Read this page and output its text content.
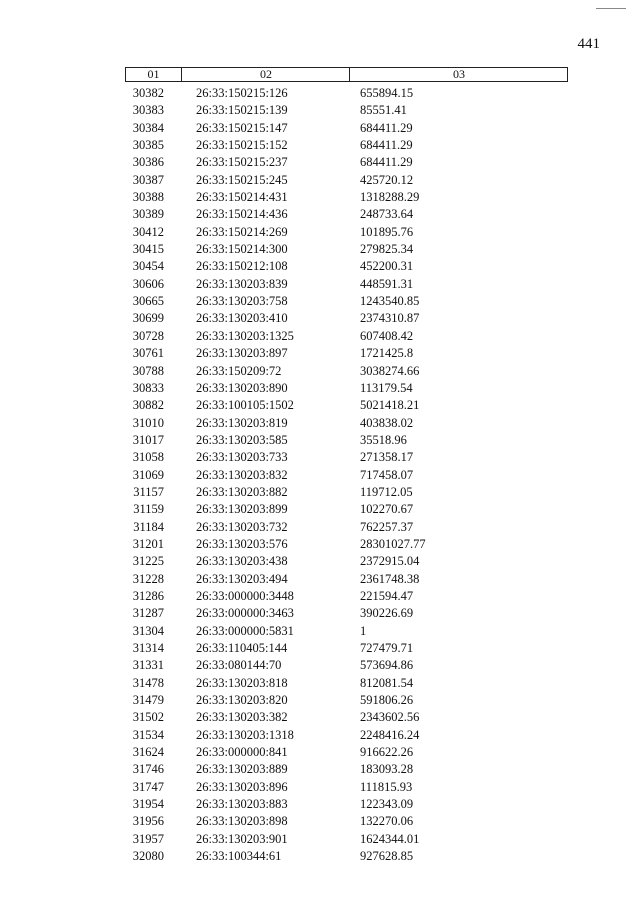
441
01	02	03
30382	26:33:150215:126	655894.15
30383	26:33:150215:139	85551.41
30384	26:33:150215:147	684411.29
30385	26:33:150215:152	684411.29
30386	26:33:150215:237	684411.29
30387	26:33:150215:245	425720.12
30388	26:33:150214:431	1318288.29
30389	26:33:150214:436	248733.64
30412	26:33:150214:269	101895.76
30415	26:33:150214:300	279825.34
30454	26:33:150212:108	452200.31
30606	26:33:130203:839	448591.31
30665	26:33:130203:758	1243540.85
30699	26:33:130203:410	2374310.87
30728	26:33:130203:1325	607408.42
30761	26:33:130203:897	1721425.8
30788	26:33:150209:72	3038274.66
30833	26:33:130203:890	113179.54
30882	26:33:100105:1502	5021418.21
31010	26:33:130203:819	403838.02
31017	26:33:130203:585	35518.96
31058	26:33:130203:733	271358.17
31069	26:33:130203:832	717458.07
31157	26:33:130203:882	119712.05
31159	26:33:130203:899	102270.67
31184	26:33:130203:732	762257.37
31201	26:33:130203:576	28301027.77
31225	26:33:130203:438	2372915.04
31228	26:33:130203:494	2361748.38
31286	26:33:000000:3448	221594.47
31287	26:33:000000:3463	390226.69
31304	26:33:000000:5831	1
31314	26:33:110405:144	727479.71
31331	26:33:080144:70	573694.86
31478	26:33:130203:818	812081.54
31479	26:33:130203:820	591806.26
31502	26:33:130203:382	2343602.56
31534	26:33:130203:1318	2248416.24
31624	26:33:000000:841	916622.26
31746	26:33:130203:889	183093.28
31747	26:33:130203:896	111815.93
31954	26:33:130203:883	122343.09
31956	26:33:130203:898	132270.06
31957	26:33:130203:901	1624344.01
32080	26:33:100344:61	927628.85
